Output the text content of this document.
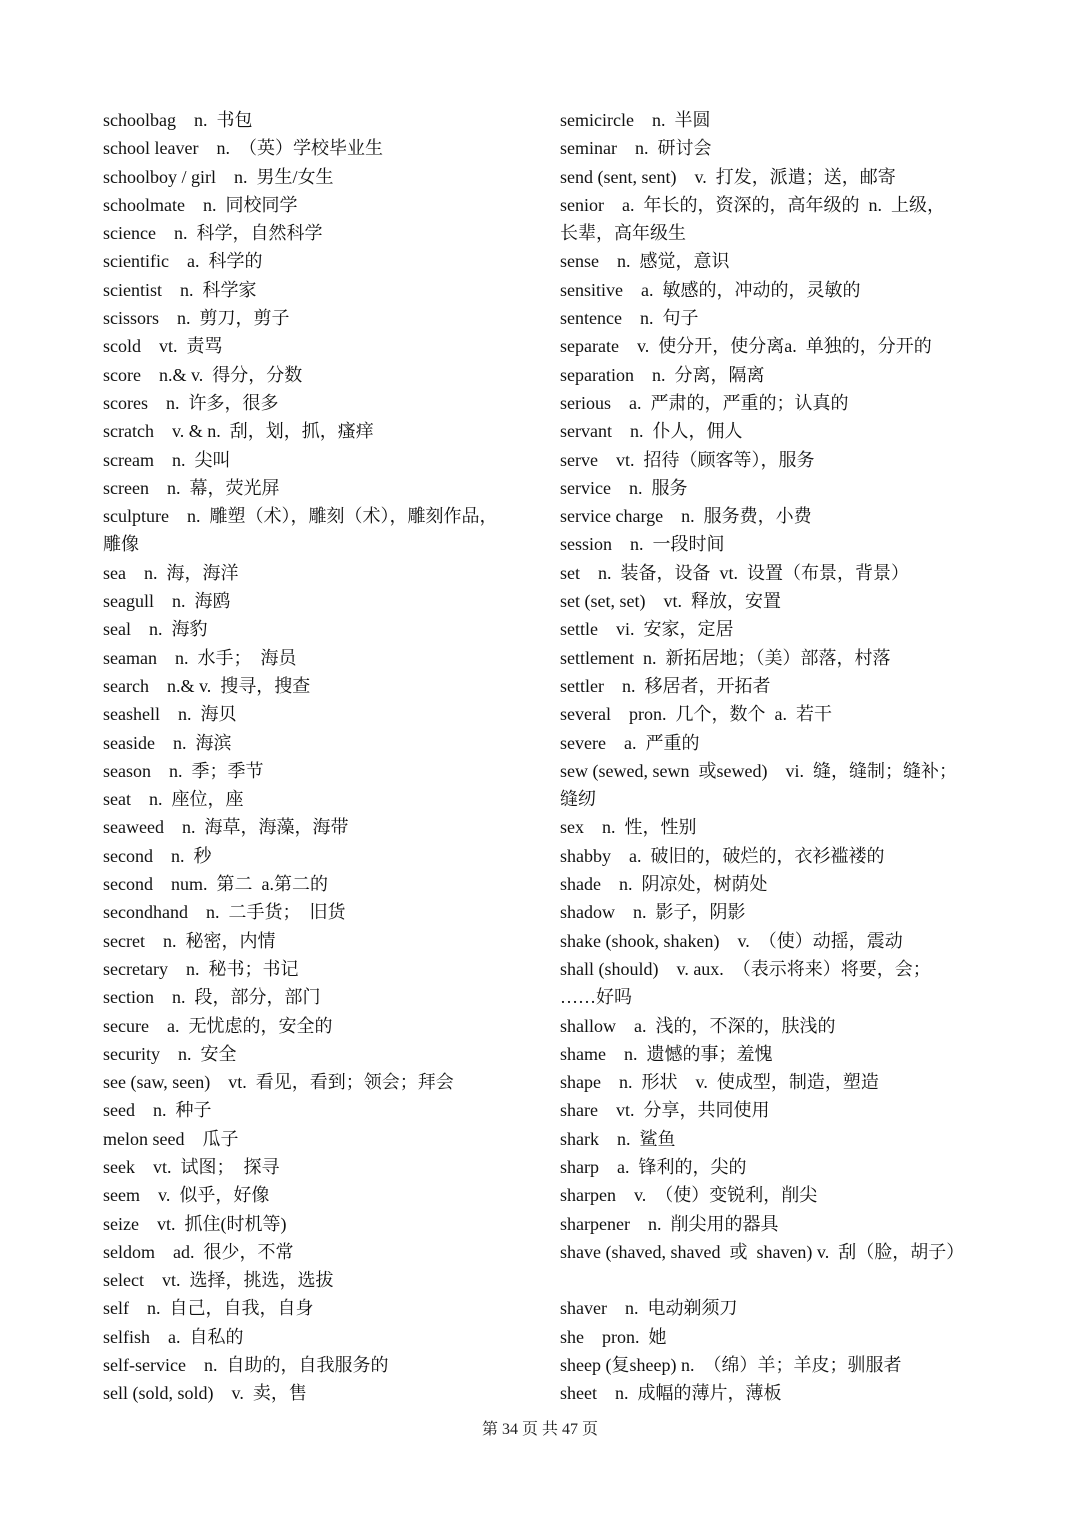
schoolbag    n.  书包

school leaver    n.  （英）学校毕业生

schoolboy / girl    n.  男生/女生

schoolmate    n.  同校同学

science    n.  科学，自然科学

scientific    a.  科学的

scientist    n.  科学家

scissors    n.  剪刀，剪子

scold    vt.  责骂

score    n.& v.  得分，分数

scores    n.  许多，很多

scratch    v. & n.  刮，划，抓，瘙痒

scream    n.  尖叫

screen    n.  幕，荧光屏

sculpture    n.  雕塑（术），雕刻（术），雕刻作品，

雕像

sea    n.  海，海洋

seagull    n.  海鸥

seal    n.  海豹

seaman    n.  水手；  海员

search    n.& v.  搜寻，搜查

seashell    n.  海贝

seaside    n.  海滨

season    n.  季；季节

seat    n.  座位，座

seaweed    n.  海草，海藻，海带

second    n.  秒

second    num.  第二  a.第二的

secondhand    n.  二手货；  旧货

secret    n.  秘密，内情

secretary    n.  秘书；书记

section    n.  段，部分，部门

secure    a.  无忧虑的，安全的

security    n.  安全

see (saw, seen)    vt.  看见，看到；领会；拜会

seed    n.  种子

melon seed    瓜子

seek    vt.  试图；  探寻

seem    v.  似乎，好像

seize    vt.  抓住(时机等)

seldom    ad.  很少，不常

select    vt.  选择，挑选，选拔

self    n.  自己，自我，自身

selfish    a.  自私的

self-service    n.  自助的，自我服务的

sell (sold, sold)    v.  卖，售

semicircle    n.  半圆

seminar    n.  研讨会

send (sent, sent)    v.  打发，派遣；送，邮寄

senior    a.  年长的，资深的，高年级的  n.  上级，

长辈，高年级生

sense    n.  感觉，意识

sensitive    a.  敏感的，冲动的，灵敏的

sentence    n.  句子

separate    v.  使分开，使分离a.  单独的，分开的

separation    n.  分离，隔离

serious    a.  严肃的，严重的；认真的

servant    n.  仆人，佣人

serve    vt.  招待（顾客等），服务

service    n.  服务

service charge    n.  服务费，小费

session    n.  一段时间

set    n.  装备，设备  vt.  设置（布景，背景）

set (set, set)    vt.  释放，安置

settle    vi.  安家，定居

settlement  n.  新拓居地；（美）部落，村落

settler    n.  移居者，开拓者

several    pron.  几个，数个  a.  若干

severe    a.  严重的

sew (sewed, sewn  或sewed)    vi.  缝，缝制；缝补；

缝纫

sex    n.  性，性别

shabby    a.  破旧的，破烂的，衣衫褴褛的

shade    n.  阴凉处，树荫处

shadow    n.  影子，阴影

shake (shook, shaken)    v.  （使）动摇，震动

shall (should)    v. aux.  （表示将来）将要，会；

……好吗

shallow    a.  浅的，不深的，肤浅的

shame    n.  遗憾的事；羞愧

shape    n.  形状    v.  使成型，制造，塑造

share    vt.  分享，共同使用

shark    n.  鲨鱼

sharp    a.  锋利的，尖的

sharpen    v.  （使）变锐利，削尖

sharpener    n.  削尖用的器具

shave (shaved, shaved  或  shaven) v.  刮（脸，胡子）

shaver    n.  电动剃须刀

she    pron.  她

sheep (复sheep) n.  （绵）羊；羊皮；驯服者

sheet    n.  成幅的薄片，薄板

第 34 页 共 47 页
